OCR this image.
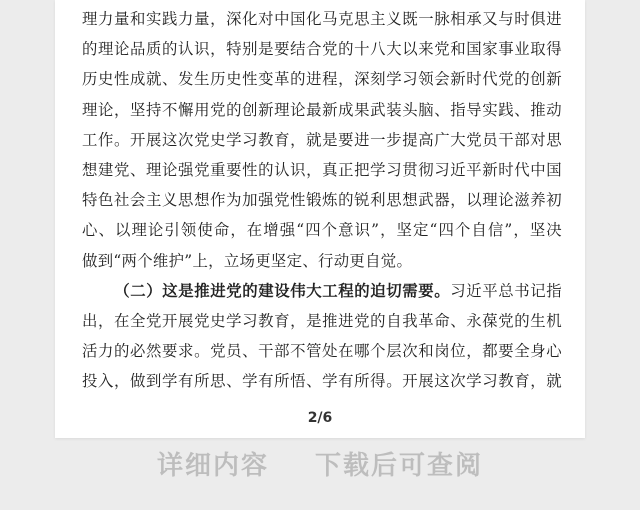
理力量和实践力量，深化对中国化马克思主义既一脉相承又与时俱进
的理论品质的认识，特别是要结合党的十八大以来党和国家事业取得
历史性成就、发生历史性变革的进程，深刻学习领会新时代党的创新
理论，坚持不懈用党的创新理论最新成果武装头脑、指导实践、推动
工作。开展这次党史学习教育，就是要进一步提高广大党员干部对思
想建党、理论强党重要性的认识，真正把学习贯彻习近平新时代中国
特色社会主义思想作为加强党性锻炼的锐利思想武器，以理论滋养初
心、以理论引领使命，在增强“四个意识”，坚定“四个自信”，坚决
做到“两个维护”上，立场更坚定、行动更自觉。
（二）这是推进党的建设伟大工程的迫切需要。习近平总书记指
出，在全党开展党史学习教育，是推进党的自我革命、永葆党的生机
活力的必然要求。党员、干部不管处在哪个层次和岗位，都要全身心
投入，做到学有所思、学有所悟、学有所得。开展这次学习教育，就
2/6
详细内容 下载后可查阅
